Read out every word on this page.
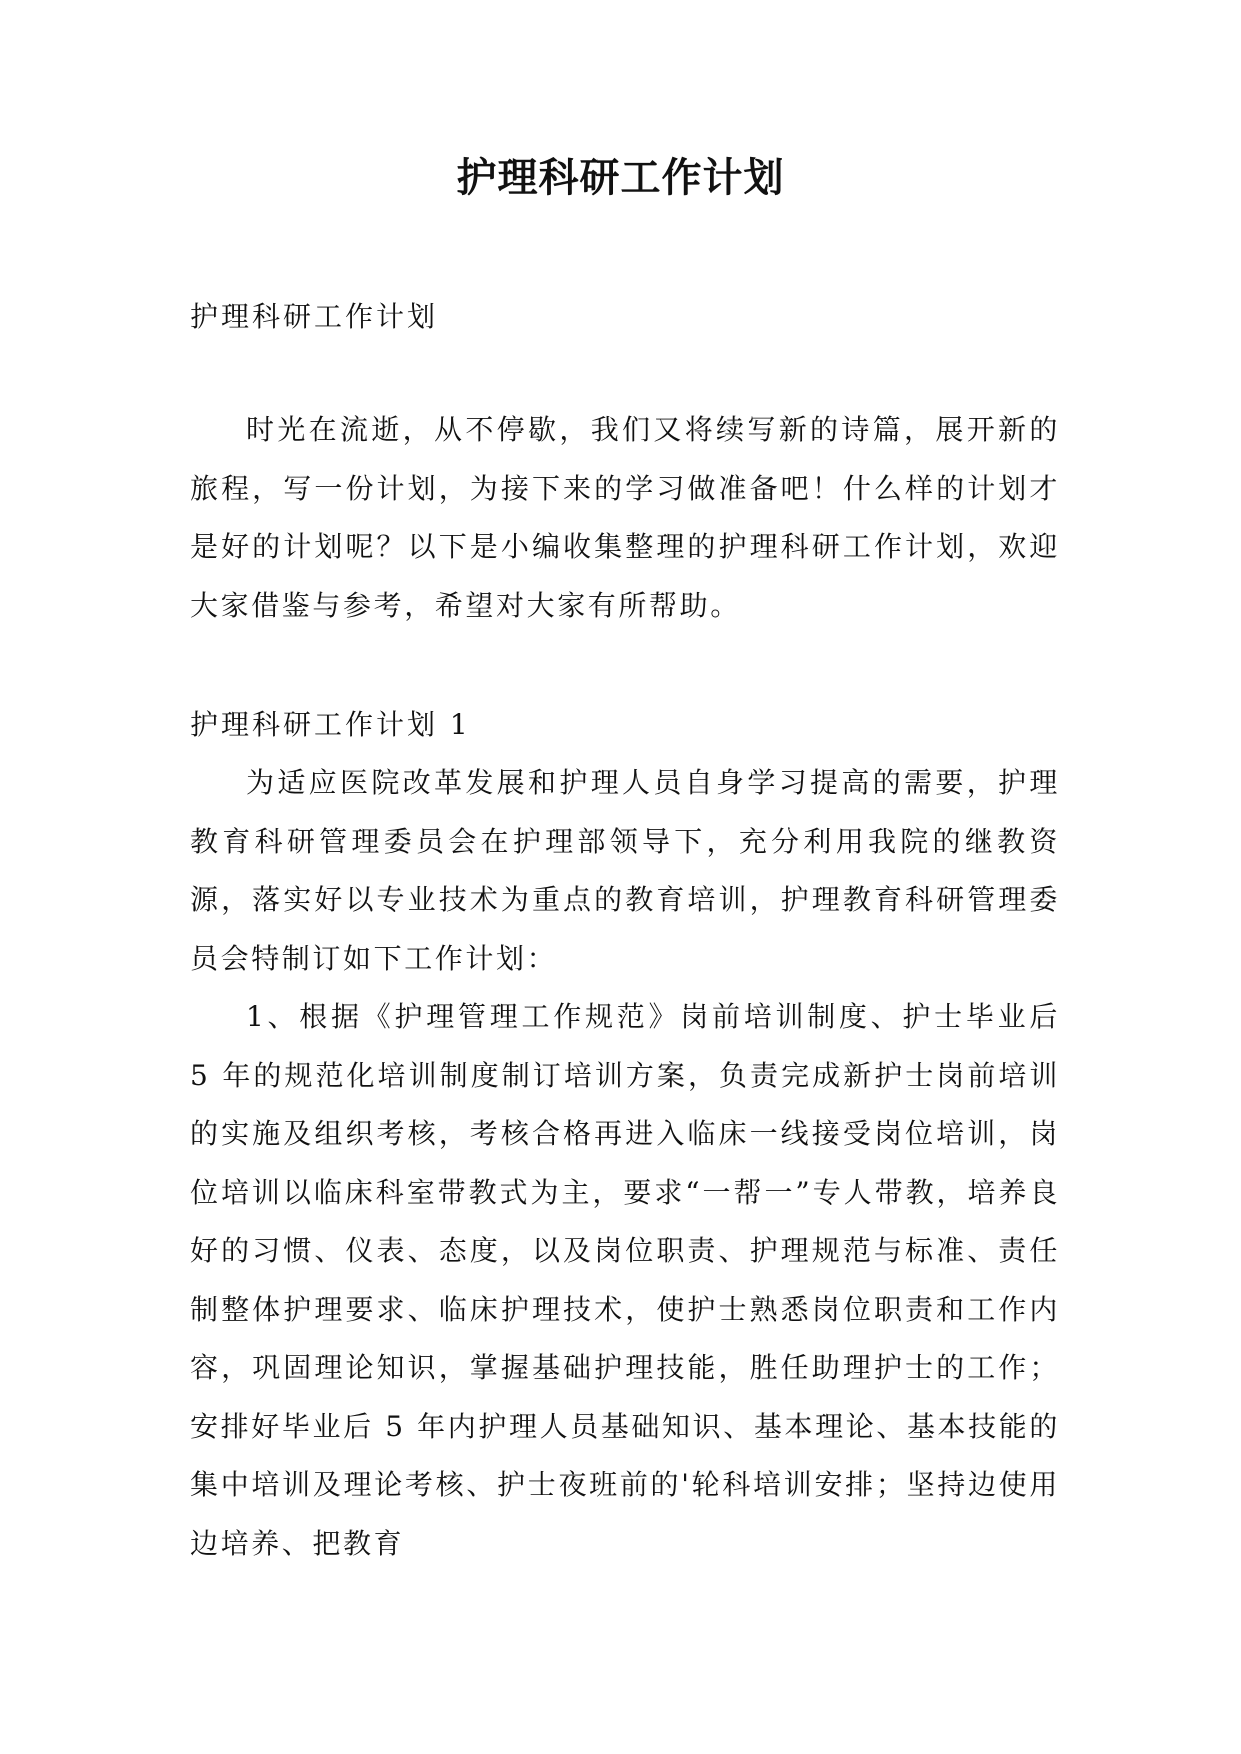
护理科研工作计划

护理科研工作计划

时光在流逝，从不停歇，我们又将续写新的诗篇，展开新的旅程，写一份计划，为接下来的学习做准备吧！什么样的计划才是好的计划呢？以下是小编收集整理的护理科研工作计划，欢迎大家借鉴与参考，希望对大家有所帮助。

护理科研工作计划 1

为适应医院改革发展和护理人员自身学习提高的需要，护理教育科研管理委员会在护理部领导下，充分利用我院的继教资源，落实好以专业技术为重点的教育培训，护理教育科研管理委员会特制订如下工作计划：

1、根据《护理管理工作规范》岗前培训制度、护士毕业后 5 年的规范化培训制度制订培训方案，负责完成新护士岗前培训的实施及组织考核，考核合格再进入临床一线接受岗位培训，岗位培训以临床科室带教式为主，要求“一帮一”专人带教，培养良好的习惯、仪表、态度，以及岗位职责、护理规范与标准、责任制整体护理要求、临床护理技术，使护士熟悉岗位职责和工作内容，巩固理论知识，掌握基础护理技能，胜任助理护士的工作；安排好毕业后 5 年内护理人员基础知识、基本理论、基本技能的集中培训及理论考核、护士夜班前的'轮科培训安排；坚持边使用边培养、把教育
